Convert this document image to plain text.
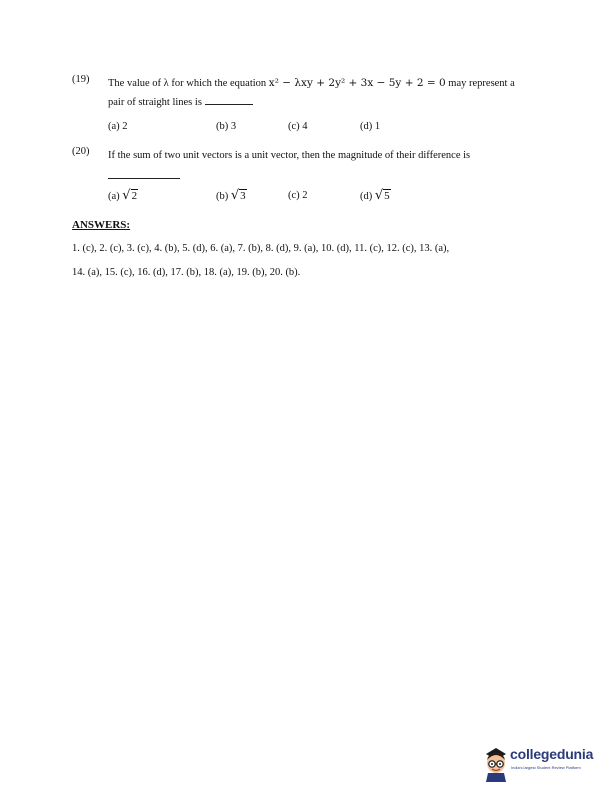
(19) The value of λ for which the equation x² − λxy + 2y² + 3x − 5y + 2 = 0 may represent a
pair of straight lines is
(a) 2	(b) 3	(c) 4	(d) 1
(20) If the sum of two unit vectors is a unit vector, then the magnitude of their difference is
(a) √2	(b) √3	(c) 2	(d) √5
ANSWERS:
1. (c), 2. (c), 3. (c), 4. (b), 5. (d), 6. (a), 7. (b), 8. (d), 9. (a), 10. (d), 11. (c), 12. (c), 13. (a),
14. (a), 15. (c), 16. (d), 17. (b), 18. (a), 19. (b), 20. (b).
collegedunia
India's largest Student Review Platform
